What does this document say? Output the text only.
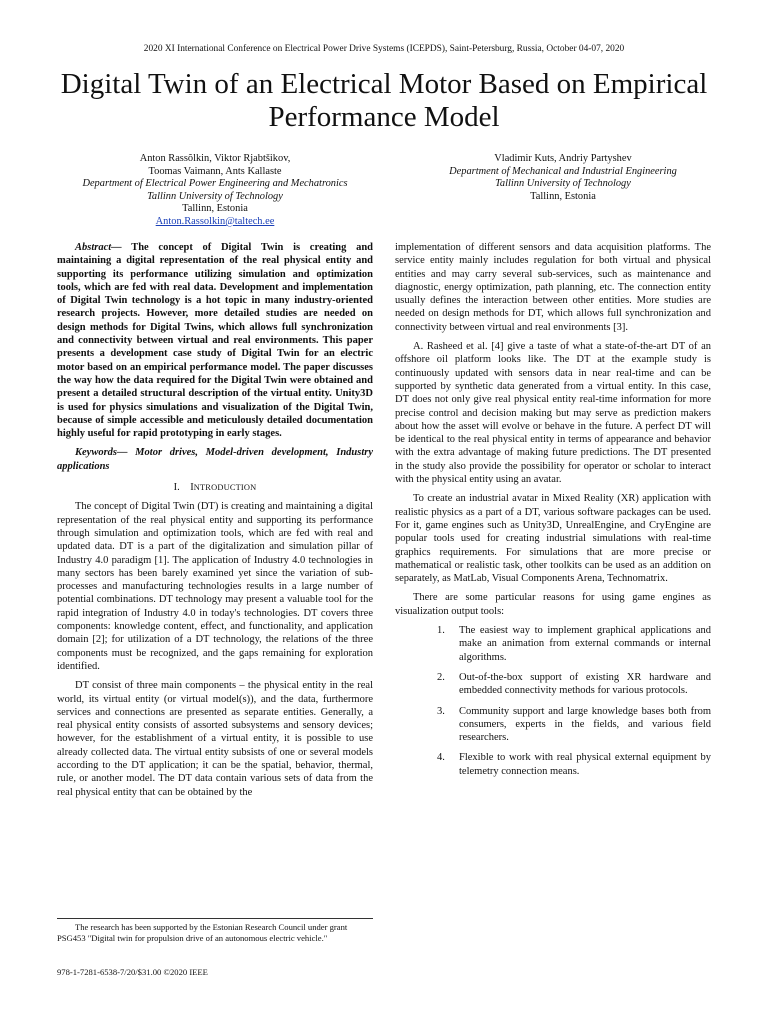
2020 XI International Conference on Electrical Power Drive Systems (ICEPDS), Saint-Petersburg, Russia, October 04-07, 2020
Digital Twin of an Electrical Motor Based on Empirical Performance Model
Anton Rassõlkin, Viktor Rjabtšikov,
Toomas Vaimann, Ants Kallaste
Department of Electrical Power Engineering and Mechatronics
Tallinn University of Technology
Tallinn, Estonia
Anton.Rassolkin@taltech.ee
Vladimir Kuts, Andriy Partyshev
Department of Mechanical and Industrial Engineering
Tallinn University of Technology
Tallinn, Estonia

Abstract— The concept of Digital Twin is creating and maintaining a digital representation of the real physical entity and supporting its performance utilizing simulation and optimization tools, which are fed with real data. Development and implementation of Digital Twin technology is a hot topic in many industry-oriented research projects. However, more detailed studies are needed on design methods for Digital Twins, which allows full synchronization and connectivity between virtual and real environments. This paper presents a development case study of Digital Twin for an electric motor based on an empirical performance model. The paper discusses the way how the data required for the Digital Twin were obtained and present a detailed structural description of the virtual entity. Unity3D is used for physics simulations and visualization of the Digital Twin, because of simple accessible and meticulously detailed documentation highly useful for rapid prototyping in early stages.

Keywords— Motor drives, Model-driven development, Industry applications

I. INTRODUCTION

The concept of Digital Twin (DT) is creating and maintaining a digital representation of the real physical entity and supporting its performance through simulation and optimization tools, which are fed with real and updated data. DT is a part of the digitalization and simulation pillar of Industry 4.0 paradigm [1]. The application of Industry 4.0 technologies in many sectors has been barely examined yet since the variation of sub-processes and manufacturing technologies results in a large number of potential combinations. DT technology may present a valuable tool for the rapid integration of Industry 4.0 in today's technologies. DT covers three components: knowledge content, effect, and functionality, and application domain [2]; for utilization of a DT technology, the relations of the three components must be recognized, and the gaps remaining for exploration identified.

DT consist of three main components – the physical entity in the real world, its virtual entity (or virtual model(s)), and the data, furthermore services and connections are presented as separate entities. Generally, a real physical entity consists of assorted subsystems and sensory devices; however, for the establishment of a virtual entity, it is possible to use already collected data. The virtual entity subsists of one or several models according to the DT application; it can be the spatial, behavior, thermal, rule, or another model. The DT data contain various sets of data from the real physical entity that can be obtained by the

implementation of different sensors and data acquisition platforms. The service entity mainly includes regulation for both virtual and physical entities and may carry several sub-services, such as maintenance and diagnostic, energy optimization, path planning, etc. The connection entity usually defines the interaction between other entities. More studies are needed on design methods for DT, which allows full synchronization and connectivity between virtual and real environments [3].

A. Rasheed et al. [4] give a taste of what a state-of-the-art DT of an offshore oil platform looks like. The DT at the example study is continuously updated with sensors data in near real-time and can be supported by synthetic data generated from a virtual entity. In this case, DT does not only give real physical entity real-time information for more precise control and decision making but may serve as prediction makers about how the asset will evolve or behave in the future. A perfect DT will be identical to the real physical entity in terms of appearance and behavior with the extra advantage of making future predictions. The DT presented in the study also provide the possibility for operator or scholar to interact with the physical entity using an avatar.

To create an industrial avatar in Mixed Reality (XR) application with realistic physics as a part of a DT, various software packages can be used. For it, game engines such as Unity3D, UnrealEngine, and CryEngine are popular tools used for creating industrial simulations with real-time graphics requirements. For simulations that are more precise or mathematical or realistic task, other toolkits can be used as an addition on separately, as MatLab, Visual Components Arena, Technomatrix.

There are some particular reasons for using game engines as visualization output tools:

1. The easiest way to implement graphical applications and make an animation from external commands or internal algorithms.
2. Out-of-the-box support of existing XR hardware and embedded connectivity methods for various protocols.
3. Community support and large knowledge bases both from consumers, experts in the fields, and various field researchers.
4. Flexible to work with real physical external equipment by telemetry connection means.
The research has been supported by the Estonian Research Council under grant PSG453 "Digital twin for propulsion drive of an autonomous electric vehicle."
978-1-7281-6538-7/20/$31.00 ©2020 IEEE
